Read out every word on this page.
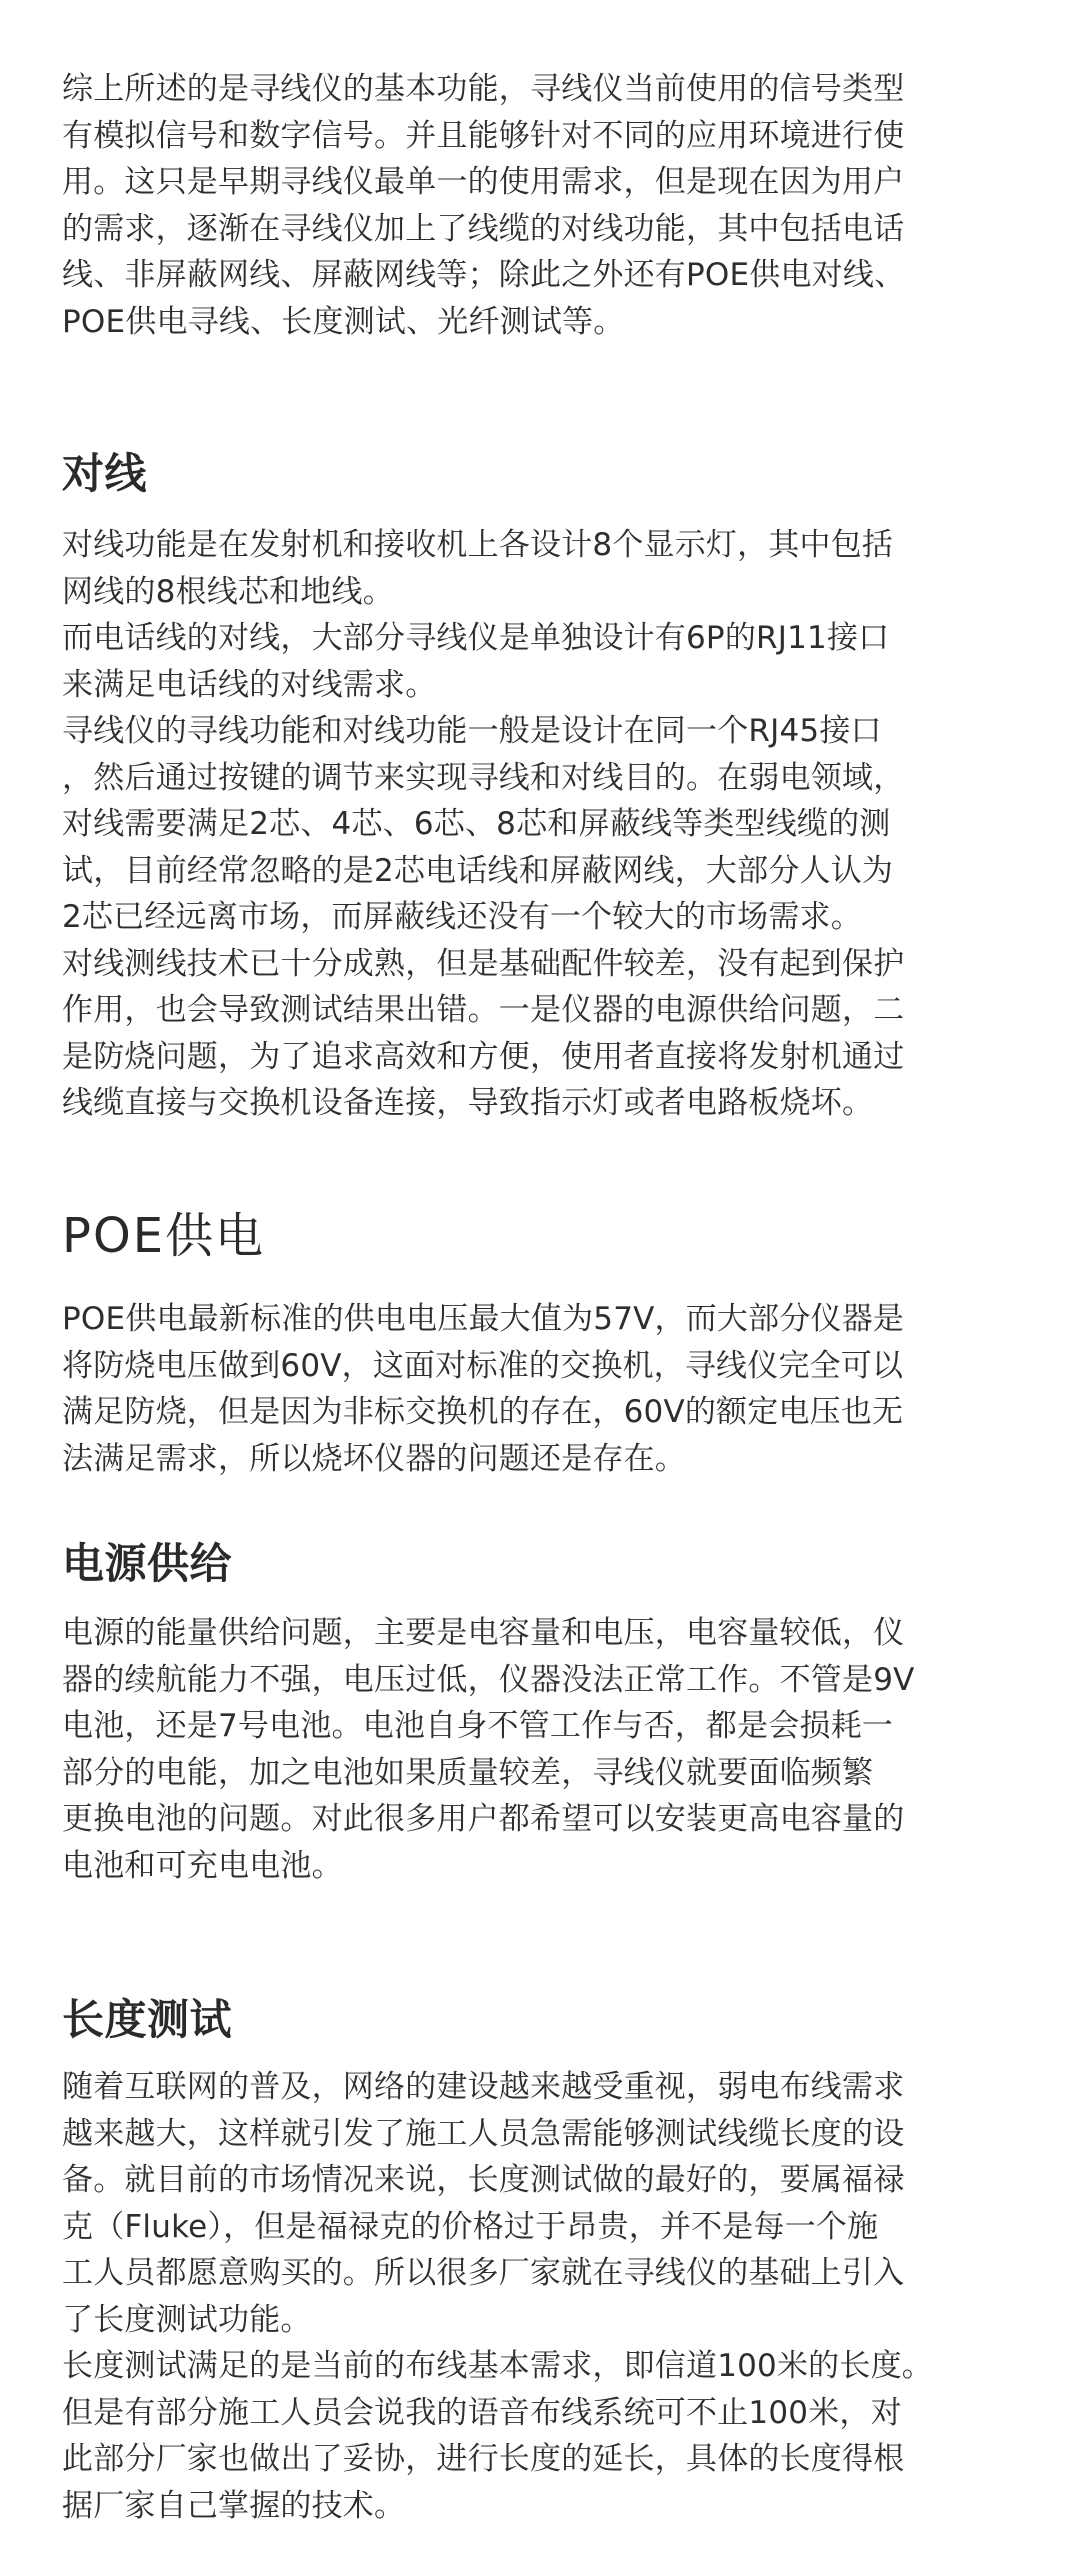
综上所述的是寻线仪的基本功能，寻线仪当前使用的信号类型
有模拟信号和数字信号。并且能够针对不同的应用环境进行使
用。这只是早期寻线仪最单一的使用需求，但是现在因为用户
的需求，逐渐在寻线仪加上了线缆的对线功能，其中包括电话
线、非屏蔽网线、屏蔽网线等；除此之外还有POE供电对线、
POE供电寻线、长度测试、光纤测试等。
对线
对线功能是在发射机和接收机上各设计8个显示灯，其中包括
网线的8根线芯和地线。
而电话线的对线，大部分寻线仪是单独设计有6P的RJ11接口
来满足电话线的对线需求。
寻线仪的寻线功能和对线功能一般是设计在同一个RJ45接口
，然后通过按键的调节来实现寻线和对线目的。在弱电领域，
对线需要满足2芯、4芯、6芯、8芯和屏蔽线等类型线缆的测
试，目前经常忽略的是2芯电话线和屏蔽网线，大部分人认为
2芯已经远离市场，而屏蔽线还没有一个较大的市场需求。
对线测线技术已十分成熟，但是基础配件较差，没有起到保护
作用，也会导致测试结果出错。一是仪器的电源供给问题，二
是防烧问题，为了追求高效和方便，使用者直接将发射机通过
线缆直接与交换机设备连接，导致指示灯或者电路板烧坏。
POE供电
POE供电最新标准的供电电压最大值为57V，而大部分仪器是
将防烧电压做到60V，这面对标准的交换机，寻线仪完全可以
满足防烧，但是因为非标交换机的存在，60V的额定电压也无
法满足需求，所以烧坏仪器的问题还是存在。
电源供给
电源的能量供给问题，主要是电容量和电压，电容量较低，仪
器的续航能力不强，电压过低，仪器没法正常工作。不管是9V
电池，还是7号电池。电池自身不管工作与否，都是会损耗一
部分的电能，加之电池如果质量较差，寻线仪就要面临频繁
更换电池的问题。对此很多用户都希望可以安装更高电容量的
电池和可充电电池。
长度测试
随着互联网的普及，网络的建设越来越受重视，弱电布线需求
越来越大，这样就引发了施工人员急需能够测试线缆长度的设
备。就目前的市场情况来说，长度测试做的最好的，要属福禄
克（Fluke），但是福禄克的价格过于昂贵，并不是每一个施
工人员都愿意购买的。所以很多厂家就在寻线仪的基础上引入
了长度测试功能。
长度测试满足的是当前的布线基本需求，即信道100米的长度。
但是有部分施工人员会说我的语音布线系统可不止100米，对
此部分厂家也做出了妥协，进行长度的延长，具体的长度得根
据厂家自己掌握的技术。
